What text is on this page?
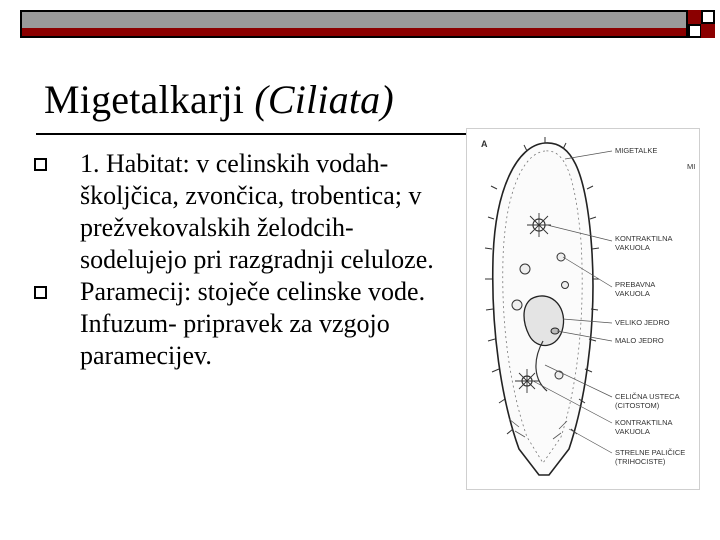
Migetalkarji (Ciliata)
1. Habitat: v celinskih vodah-školjčica, zvončica, trobentica; v prežvekovalskih želodcih-sodelujejo pri razgradnji celuloze.
Paramecij: stoječe celinske vode. Infuzum- pripravek za vzgojo paramecijev.
A
MI
MIGETALKE
KONTRAKTILNA
VAKUOLA
PREBAVNA
VAKUOLA
VELIKO JEDRO
MALO JEDRO
CELIČNA USTECA
(CITOSTOM)
KONTRAKTILNA
VAKUOLA
STRELNE PALIČICE
(TRIHOCISTE)
